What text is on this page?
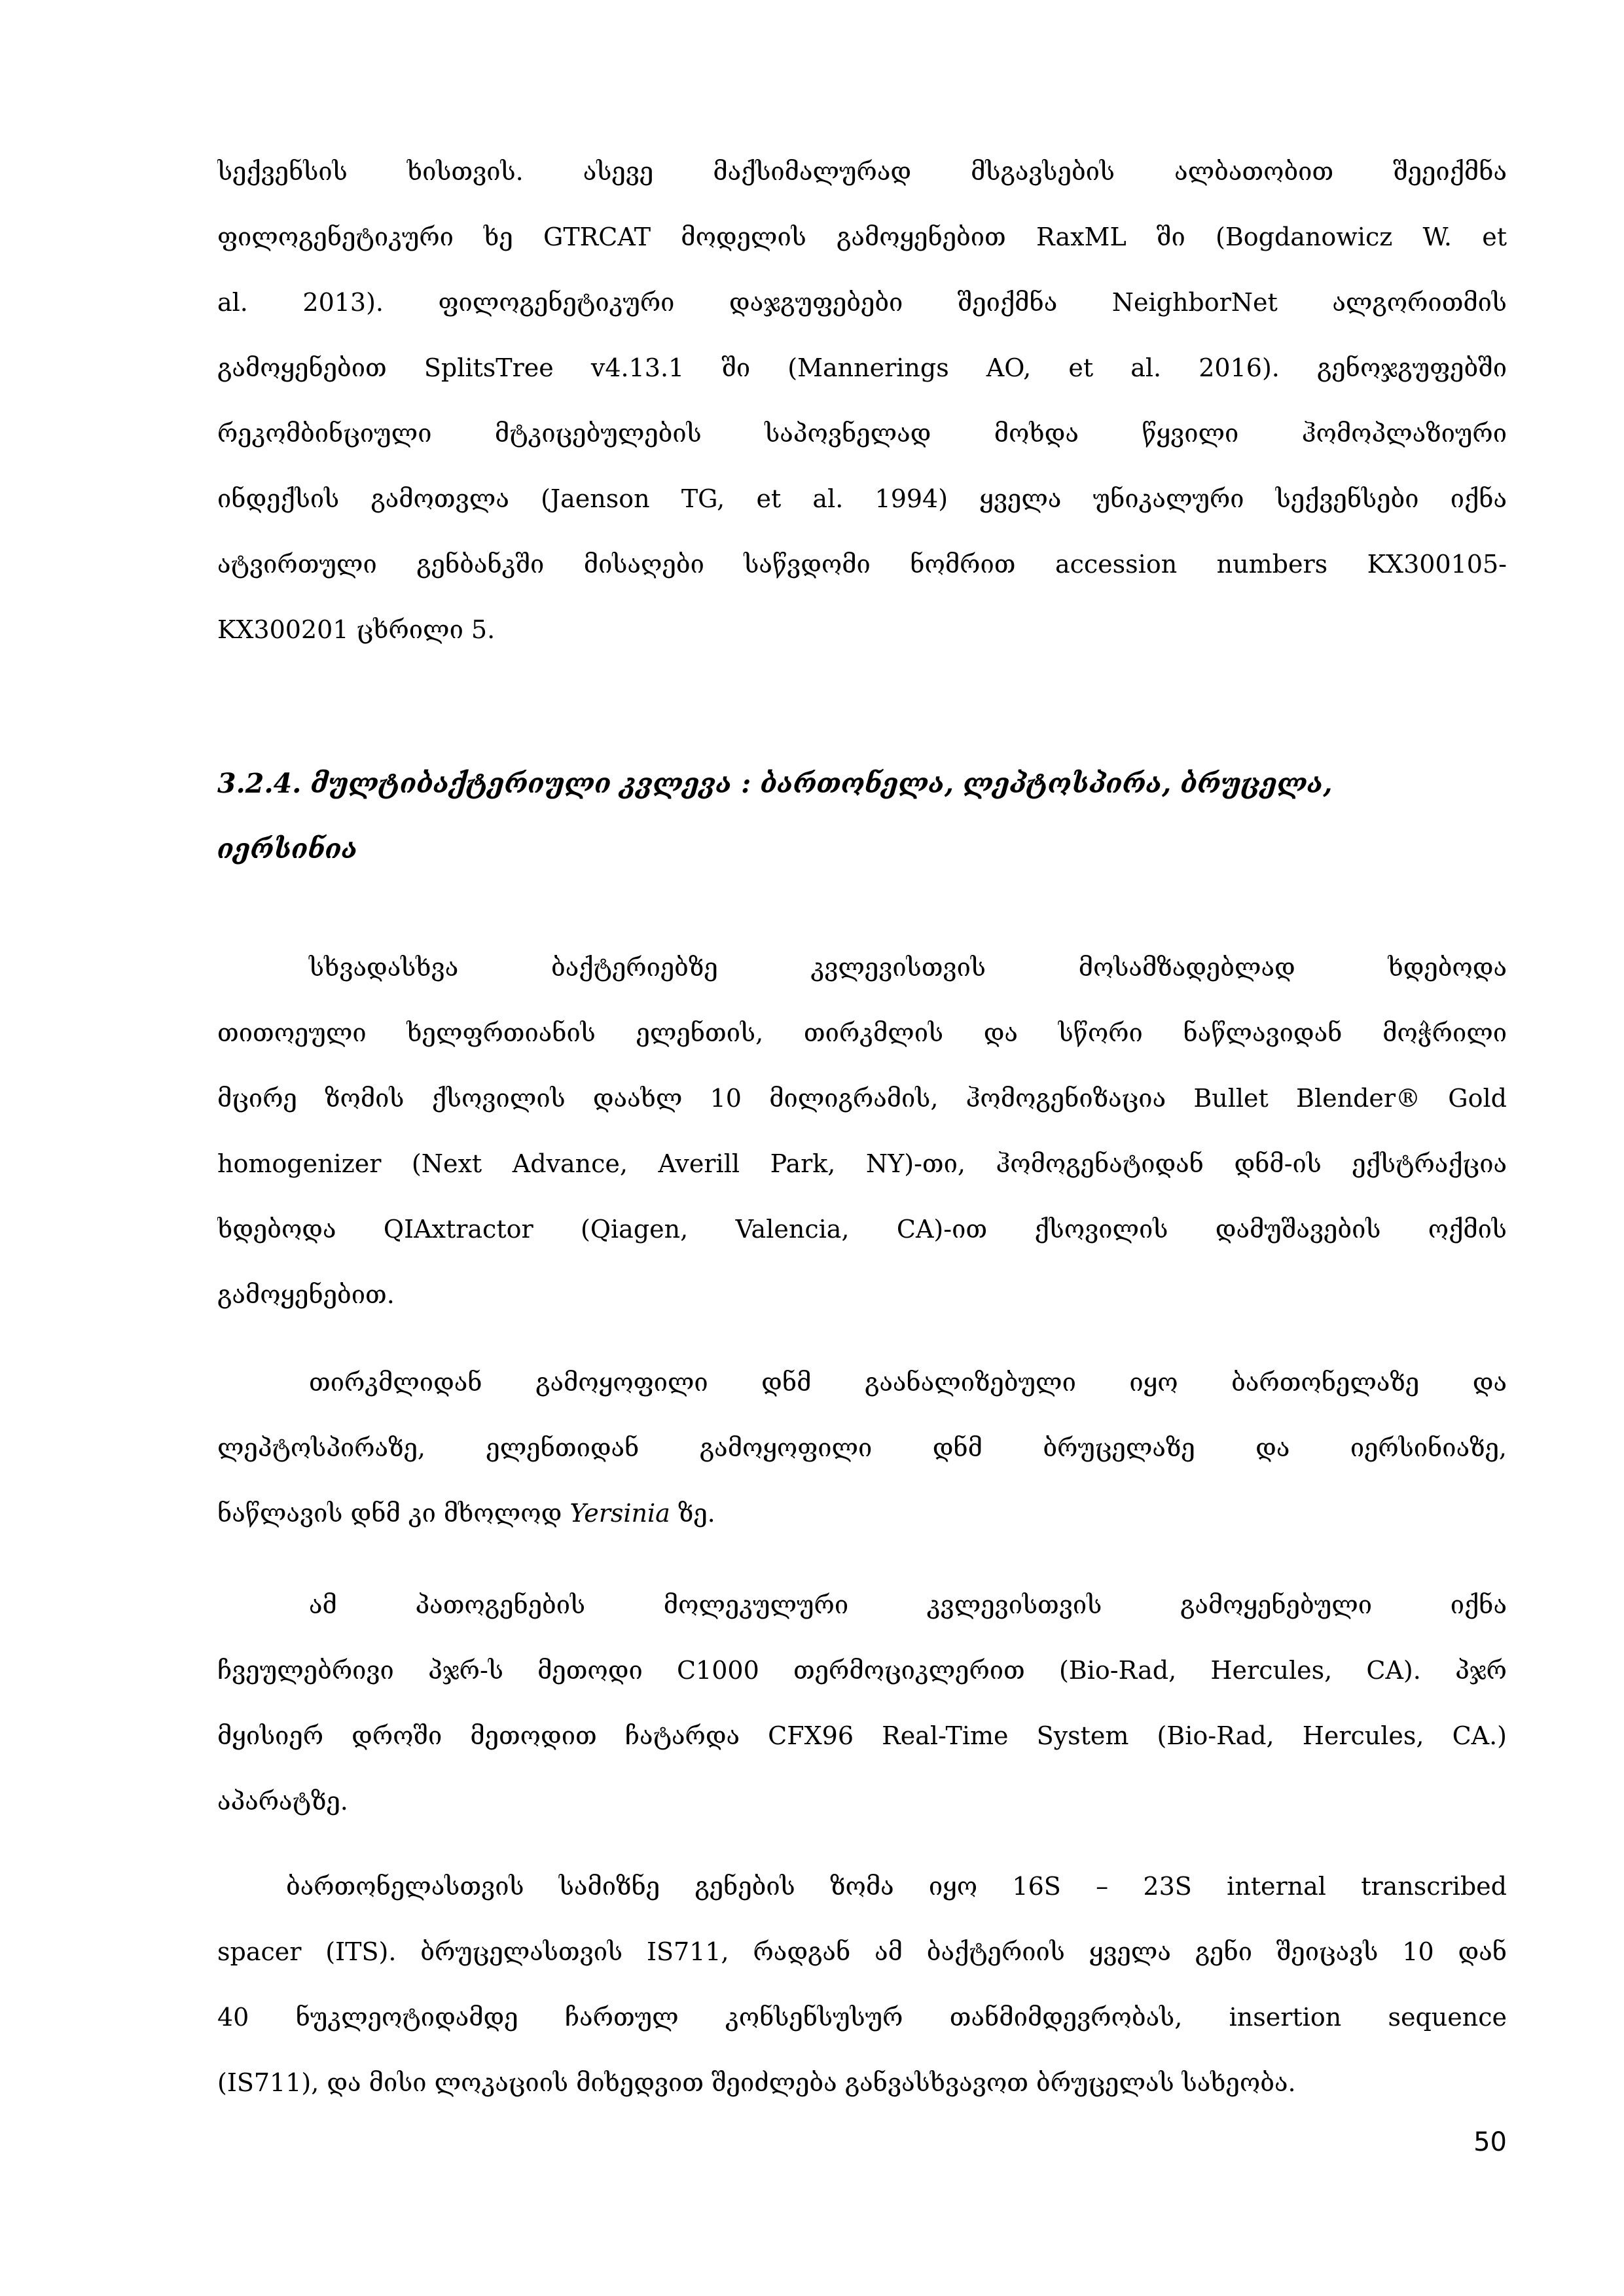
სექვენსის ხისთვის. ასევე მაქსიმალურად მსგავსების ალბათობით შეეიქმნა
ფილოგენეტიკური ხე GTRCAT მოდელის გამოყენებით RaxML ში (Bogdanowicz W. et
al. 2013). ფილოგენეტიკური დაჯგუფებები შეიქმნა NeighborNet ალგორითმის
გამოყენებით SplitsTree v4.13.1 ში (Mannerings AO, et al. 2016). გენოჯგუფებში
რეკომბინციული მტკიცებულების საპოვნელად მოხდა წყვილი ჰომოპლაზიური
ინდექსის გამოთვლა (Jaenson TG, et al. 1994) ყველა უნიკალური სექვენსები იქნა
ატვირთული გენბანკში მისაღები საწვდომი ნომრით accession numbers KX300105-
KX300201 ცხრილი 5.
3.2.4. მულტიბაქტერიული კვლევა : ბართონელა, ლეპტოსპირა, ბრუცელა,
იერსინია
სხვადასხვა ბაქტერიებზე კვლევისთვის მოსამზადებლად ხდებოდა
თითოეული ხელფრთიანის ელენთის, თირკმლის და სწორი ნაწლავიდან მოჭრილი
მცირე ზომის ქსოვილის დაახლ 10 მილიგრამის, ჰომოგენიზაცია Bullet Blender® Gold
homogenizer (Next Advance, Averill Park, NY)-თი, ჰომოგენატიდან დნმ-ის ექსტრაქცია
ხდებოდა QIAxtractor (Qiagen, Valencia, CA)-ით ქსოვილის დამუშავების ოქმის
გამოყენებით.
თირკმლიდან გამოყოფილი დნმ გაანალიზებული იყო ბართონელაზე და
ლეპტოსპირაზე, ელენთიდან გამოყოფილი დნმ ბრუცელაზე და იერსინიაზე,
ნაწლავის დნმ კი მხოლოდ Yersinia ზე.
ამ პათოგენების მოლეკულური კვლევისთვის გამოყენებული იქნა
ჩვეულებრივი პჯრ-ს მეთოდი C1000 თერმოციკლერით (Bio-Rad, Hercules, CA). პჯრ
მყისიერ დროში მეთოდით ჩატარდა CFX96 Real-Time System (Bio-Rad, Hercules, CA.)
აპარატზე.
ბართონელასთვის სამიზნე გენების ზომა იყო 16S – 23S internal transcribed
spacer (ITS). ბრუცელასთვის IS711, რადგან ამ ბაქტერიის ყველა გენი შეიცავს 10 დან
40 ნუკლეოტიდამდე ჩართულ კონსენსუსურ თანმიმდევრობას, insertion sequence
(IS711), და მისი ლოკაციის მიხედვით შეიძლება განვასხვავოთ ბრუცელას სახეობა.
50
